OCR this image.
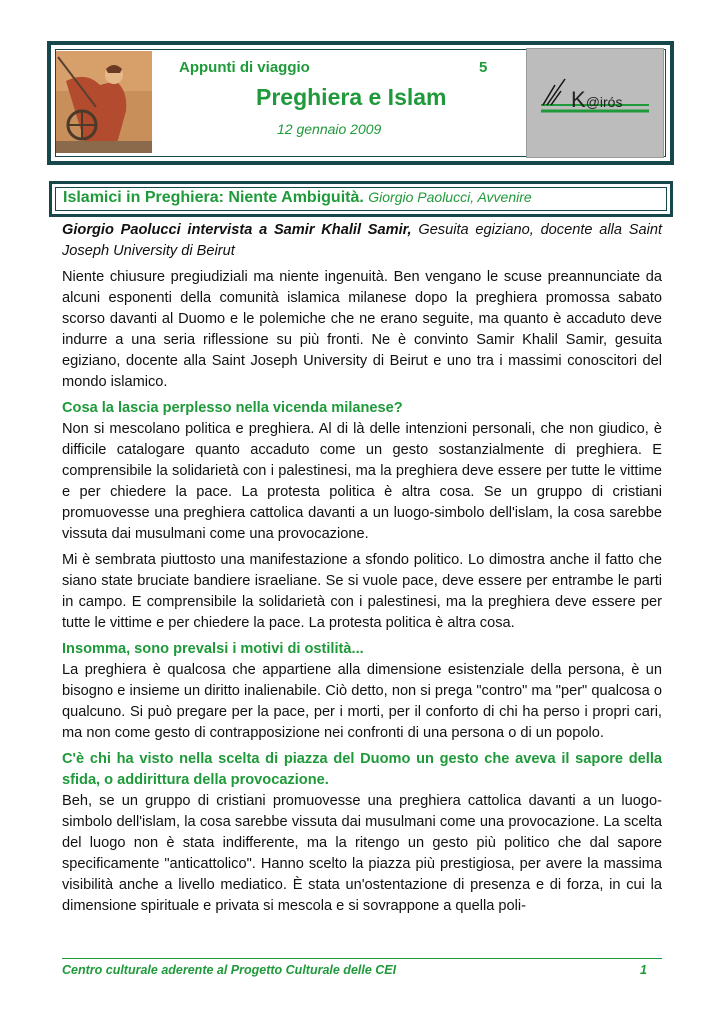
Appunti di viaggio	5
Preghiera e Islam
12 gennaio 2009
K@irós
Islamici in Preghiera: Niente Ambiguità. Giorgio Paolucci, Avvenire

Giorgio Paolucci intervista a Samir Khalil Samir, Gesuita egiziano, docente alla Saint Joseph University di Beirut

Niente chiusure pregiudiziali ma niente ingenuità. Ben vengano le scuse preannunciate da alcuni esponenti della comunità islamica milanese dopo la preghiera promossa sabato scorso davanti al Duomo e le polemiche che ne erano seguite, ma quanto è accaduto deve indurre a una seria riflessione su più fronti. Ne è convinto Samir Khalil Samir, gesuita egiziano, docente alla Saint Joseph University di Beirut e uno tra i massimi conoscitori del mondo islamico.

Cosa la lascia perplesso nella vicenda milanese?

Non si mescolano politica e preghiera. Al di là delle intenzioni personali, che non giudico, è difficile catalogare quanto accaduto come un gesto sostanzialmente di preghiera. E comprensibile la solidarietà con i palestinesi, ma la preghiera deve essere per tutte le vittime e per chiedere la pace. La protesta politica è altra cosa. Se un gruppo di cristiani promuovesse una preghiera cattolica davanti a un luogo-simbolo dell'islam, la cosa sarebbe vissuta dai musulmani come una provocazione.

Mi è sembrata piuttosto una manifestazione a sfondo politico. Lo dimostra anche il fatto che siano state bruciate bandiere israeliane. Se si vuole pace, deve essere per entrambe le parti in campo. E comprensibile la solidarietà con i palestinesi, ma la preghiera deve essere per tutte le vittime e per chiedere la pace. La protesta politica è altra cosa.

Insomma, sono prevalsi i motivi di ostilità...

La preghiera è qualcosa che appartiene alla dimensione esistenziale della persona, è un bisogno e insieme un diritto inalienabile. Ciò detto, non si prega "contro" ma "per" qualcosa o qualcuno. Si può pregare per la pace, per i morti, per il conforto di chi ha perso i propri cari, ma non come gesto di contrapposizione nei confronti di una persona o di un popolo.

C'è chi ha visto nella scelta di piazza del Duomo un gesto che aveva il sapore della sfida, o addirittura della provocazione.

Beh, se un gruppo di cristiani promuovesse una preghiera cattolica davanti a un luogo-simbolo dell'islam, la cosa sarebbe vissuta dai musulmani come una provocazione. La scelta del luogo non è stata indifferente, ma la ritengo un gesto più politico che dal sapore specificamente "anticattolico". Hanno scelto la piazza più prestigiosa, per avere la massima visibilità anche a livello mediatico. È stata un'ostentazione di presenza e di forza, in cui la dimensione spirituale e privata si mescola e si sovrappone a quella poli-

Centro culturale aderente al Progetto Culturale delle CEI	1
